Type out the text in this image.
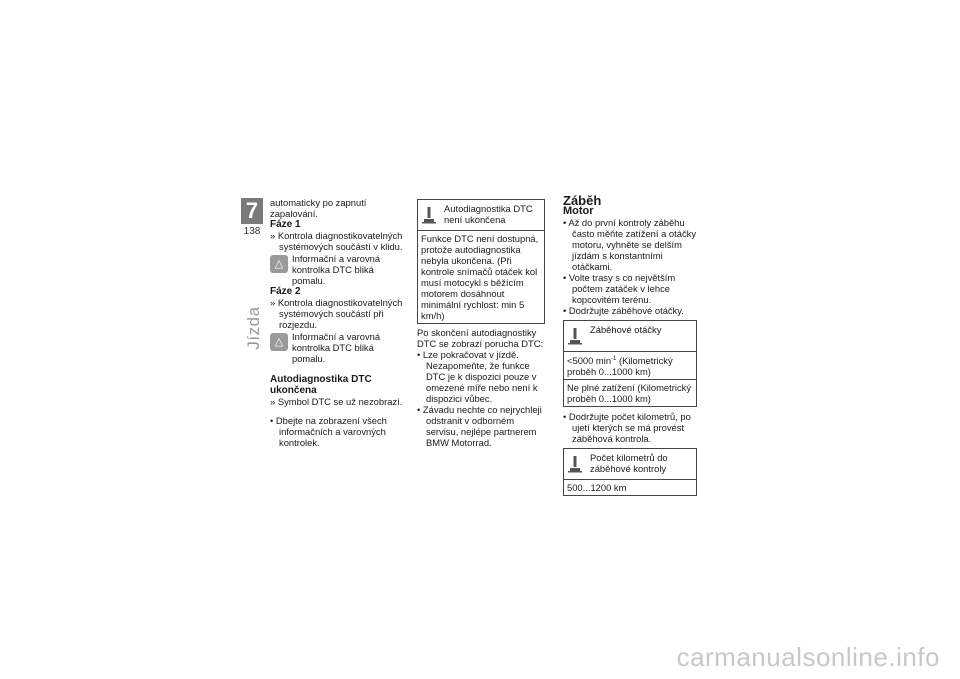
7
138
Jízda

automaticky po zapnutí zapalování.

Fáze 1

» Kontrola diagnostikovatelných systémových součástí v klidu.

△ Informační a varovná kontrolka DTC bliká pomalu.

Fáze 2

» Kontrola diagnostikovatelných systémových součástí při rozjezdu.

△ Informační a varovná kontrolka DTC bliká pomalu.

Autodiagnostika DTC ukončena

» Symbol DTC se už nezobrazí.

• Dbejte na zobrazení všech informačních a varovných kontrolek.

Autodiagnostika DTC není ukončena

Funkce DTC není dostupná, protože autodiagnostika nebyla ukončena. (Při kontrole snímačů otáček kol musí motocykl s běžícím motorem dosáhnout minimální rychlost: min 5 km/h)

Po skončení autodiagnostiky DTC se zobrazí porucha DTC:

• Lze pokračovat v jízdě. Nezapomeňte, že funkce DTC je k dispozici pouze v omezené míře nebo není k dispozici vůbec.

• Závadu nechte co nejrychleji odstranit v odborném servisu, nejlépe partnerem BMW Motorrad.

Záběh

Motor

• Až do první kontroly záběhu často měňte zatížení a otáčky motoru, vyhněte se delším jízdám s konstantními otáčkami.

• Volte trasy s co největším počtem zatáček v lehce kopcovitém terénu.

• Dodržujte záběhové otáčky.

Záběhové otáčky

<5000 $\min^{-1}$ (Kilometrický proběh 0...1000 km)
Ne plné zatížení (Kilometrický proběh 0...1000 km)

• Dodržujte počet kilometrů, po ujetí kterých se má provést záběhová kontrola.

Počet kilometrů do záběhové kontroly

500...1200 km
carmanualsonline.info
